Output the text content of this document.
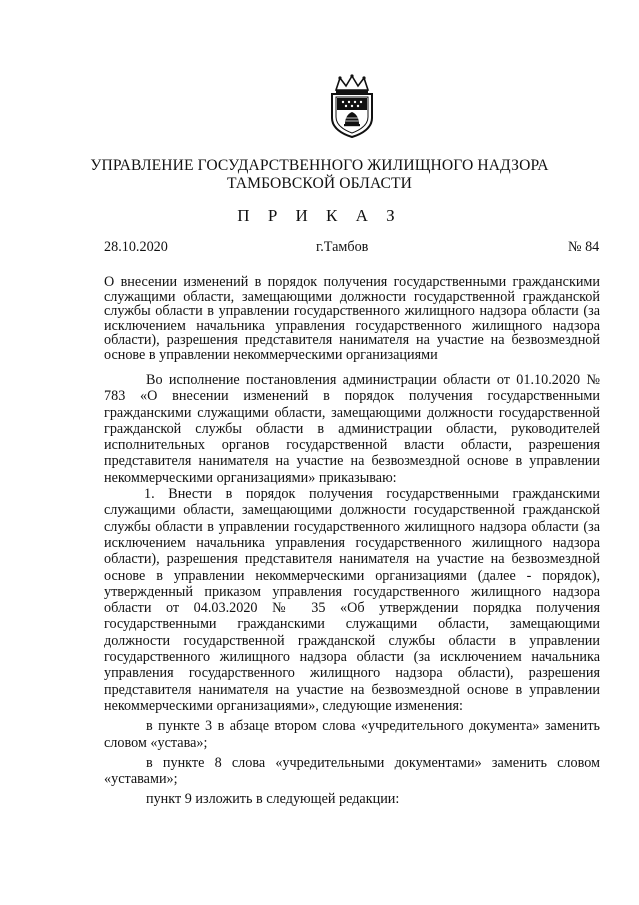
УПРАВЛЕНИЕ ГОСУДАРСТВЕННОГО ЖИЛИЩНОГО НАДЗОРА
ТАМБОВСКОЙ ОБЛАСТИ
П Р И К А З
28.10.2020	г.Тамбов	№ 84

О внесении изменений в порядок получения государственными гражданскими служащими области, замещающими должности государственной гражданской службы области в управлении государственного жилищного надзора области (за исключением начальника управления государственного жилищного надзора области), разрешения представителя нанимателя на участие на безвозмездной основе в управлении некоммерческими организациями

Во исполнение постановления администрации области от 01.10.2020 № 783 «О внесении изменений в порядок получения государственными гражданскими служащими области, замещающими должности государственной гражданской службы области в администрации области, руководителей исполнительных органов государственной власти области, разрешения представителя нанимателя на участие на безвозмездной основе в управлении некоммерческими организациями» приказываю:

1. Внести в порядок получения государственными гражданскими служащими области, замещающими должности государственной гражданской службы области в управлении государственного жилищного надзора области (за исключением начальника управления государственного жилищного надзора области), разрешения представителя нанимателя на участие на безвозмездной основе в управлении некоммерческими организациями (далее - порядок), утвержденный приказом управления государственного жилищного надзора области от 04.03.2020 № 35 «Об утверждении порядка получения государственными гражданскими служащими области, замещающими должности государственной гражданской службы области в управлении государственного жилищного надзора области (за исключением начальника управления государственного жилищного надзора области), разрешения представителя нанимателя на участие на безвозмездной основе в управлении некоммерческими организациями», следующие изменения:

в пункте 3 в абзаце втором слова «учредительного документа» заменить словом «устава»;

в пункте 8 слова «учредительными документами» заменить словом «уставами»;

пункт 9 изложить в следующей редакции:
